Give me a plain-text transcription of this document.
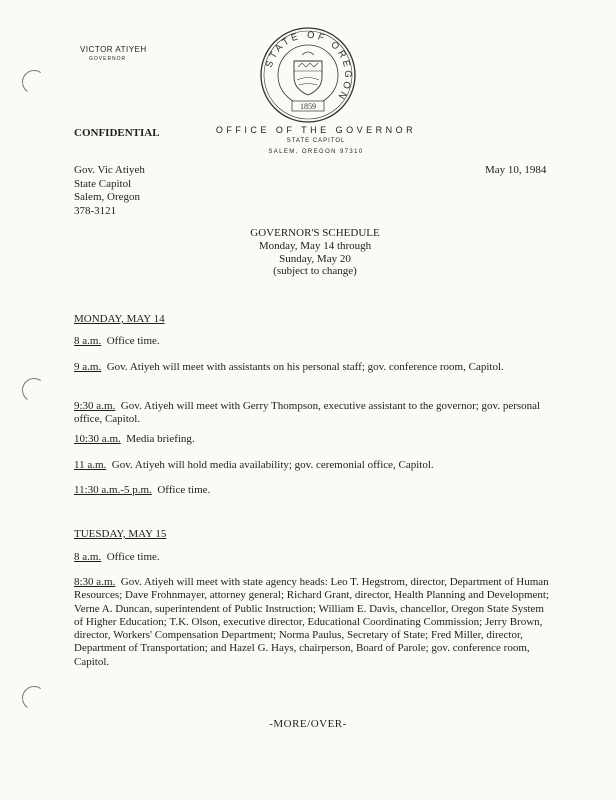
VICTOR ATIYEH
GOVERNOR	STATE OF OREGON
1859
OFFICE OF THE GOVERNOR
STATE CAPITOL
SALEM, OREGON 97310
CONFIDENTIAL
Gov. Vic Atiyeh
State Capitol
Salem, Oregon
378-3121
May 10, 1984
GOVERNOR'S SCHEDULE
Monday, May 14 through
Sunday, May 20
(subject to change)
MONDAY, MAY 14
8 a.m. Office time.
9 a.m. Gov. Atiyeh will meet with assistants on his personal staff; gov. conference room, Capitol.
9:30 a.m. Gov. Atiyeh will meet with Gerry Thompson, executive assistant to the governor; gov. personal office, Capitol.
10:30 a.m. Media briefing.
11 a.m. Gov. Atiyeh will hold media availability; gov. ceremonial office, Capitol.
11:30 a.m.-5 p.m. Office time.
TUESDAY, MAY 15
8 a.m. Office time.
8:30 a.m. Gov. Atiyeh will meet with state agency heads: Leo T. Hegstrom, director, Department of Human Resources; Dave Frohnmayer, attorney general; Richard Grant, director, Health Planning and Development; Verne A. Duncan, superintendent of Public Instruction; William E. Davis, chancellor, Oregon State System of Higher Education; T.K. Olson, executive director, Educational Coordinating Commission; Jerry Brown, director, Workers' Compensation Department; Norma Paulus, Secretary of State; Fred Miller, director, Department of Transportation; and Hazel G. Hays, chairperson, Board of Parole; gov. conference room, Capitol.
-MORE/OVER-
